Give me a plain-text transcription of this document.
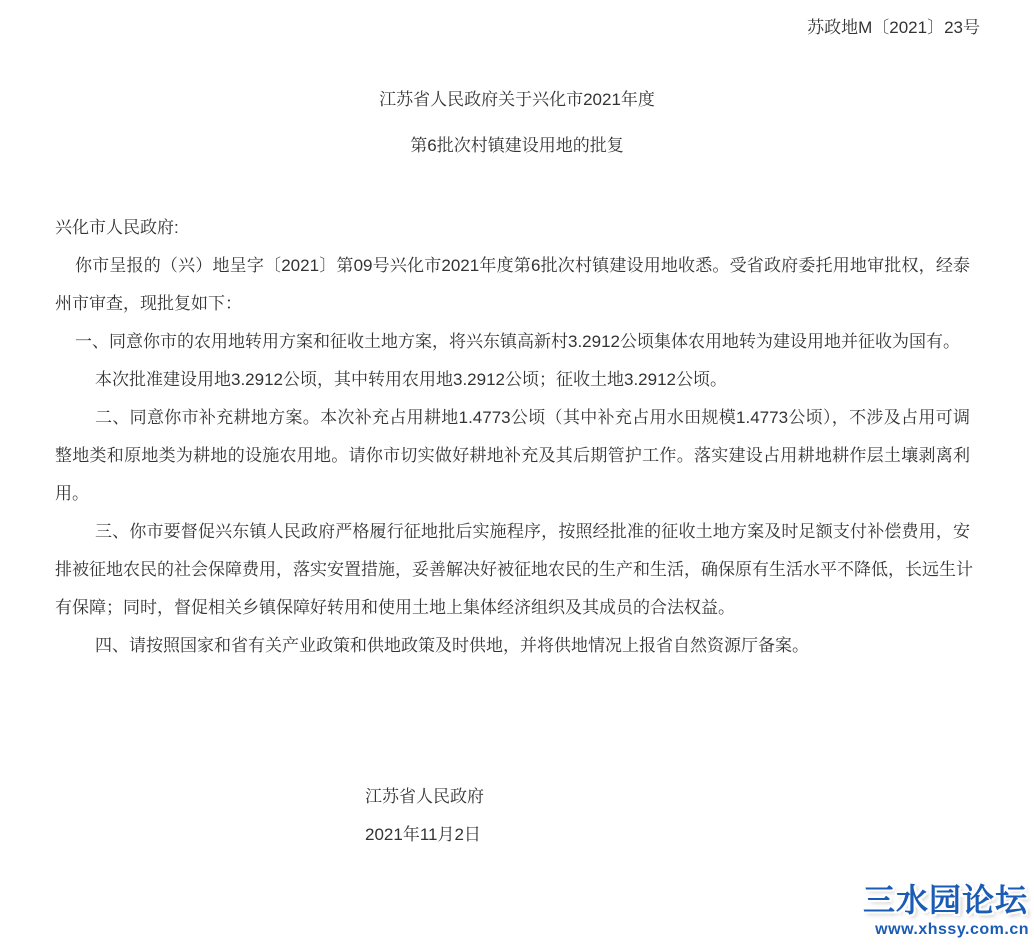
苏政地M〔2021〕23号
江苏省人民政府关于兴化市2021年度
第6批次村镇建设用地的批复
兴化市人民政府:
你市呈报的（兴）地呈字〔2021〕第09号兴化市2021年度第6批次村镇建设用地收悉。受省政府委托用地审批权，经泰
州市审查，现批复如下：
一、同意你市的农用地转用方案和征收土地方案，将兴东镇高新村3.2912公顷集体农用地转为建设用地并征收为国有。
本次批准建设用地3.2912公顷，其中转用农用地3.2912公顷；征收土地3.2912公顷。
二、同意你市补充耕地方案。本次补充占用耕地1.4773公顷（其中补充占用水田规模1.4773公顷），不涉及占用可调
整地类和原地类为耕地的设施农用地。请你市切实做好耕地补充及其后期管护工作。落实建设占用耕地耕作层土壤剥离利
用。
三、你市要督促兴东镇人民政府严格履行征地批后实施程序，按照经批准的征收土地方案及时足额支付补偿费用，安
排被征地农民的社会保障费用，落实安置措施，妥善解决好被征地农民的生产和生活，确保原有生活水平不降低，长远生计
有保障；同时，督促相关乡镇保障好转用和使用土地上集体经济组织及其成员的合法权益。
四、请按照国家和省有关产业政策和供地政策及时供地，并将供地情况上报省自然资源厅备案。
江苏省人民政府
2021年11月2日
三水园论坛
www.xhssy.com.cn
